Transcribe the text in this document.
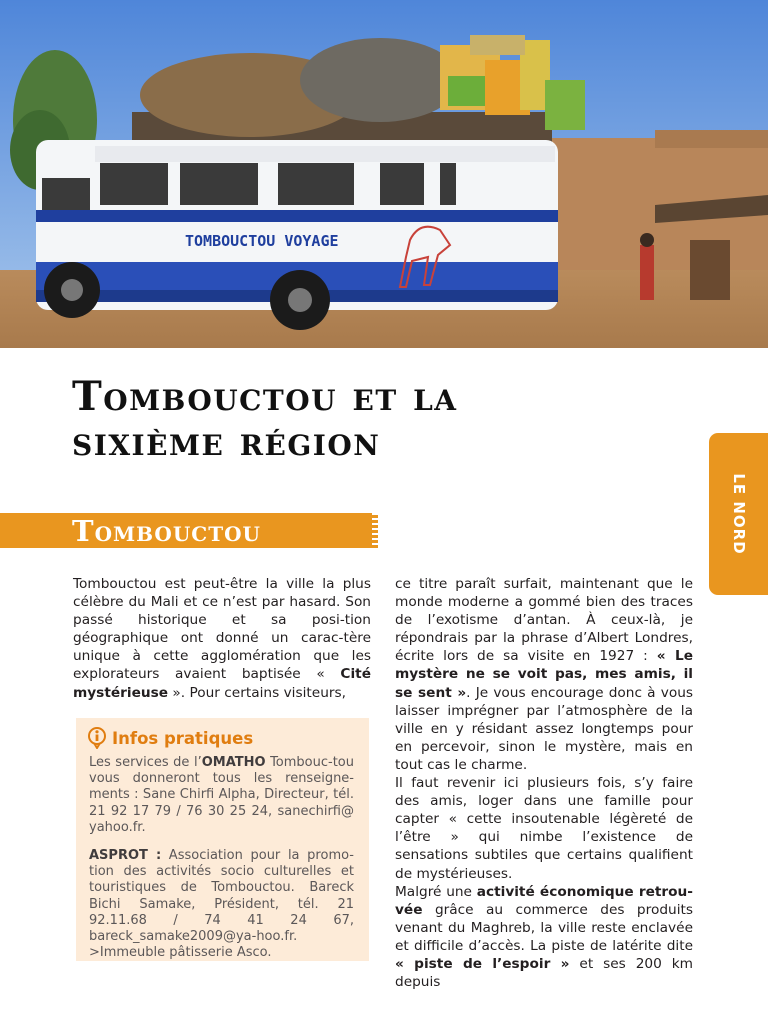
TOMBOUCTOU VOYAGE
Tombouctou et la
sixième région
LE NORD
Tombouctou

Tombouctou est peut-être la ville la plus célèbre du Mali et ce n’est par hasard. Son passé historique et sa posi-tion géographique ont donné un carac-tère unique à cette agglomération que les explorateurs avaient baptisée « Cité mystérieuse ». Pour certains visiteurs,

Infos pratiques

Les services de l’OMATHO Tombouc-tou vous donneront tous les renseigne-ments : Sane Chirfi Alpha, Directeur, tél. 21 92 17 79 / 76 30 25 24, sanechirfi@ yahoo.fr.

ASPROT : Association pour la promo-tion des activités socio culturelles et touristiques de Tombouctou. Bareck Bichi Samake, Président, tél. 21 92.11.68 / 74 41 24 67, bareck_samake2009@ya-hoo.fr. >Immeuble pâtisserie Asco.

ce titre paraît surfait, maintenant que le monde moderne a gommé bien des traces de l’exotisme d’antan. À ceux-là, je répondrais par la phrase d’Albert Londres, écrite lors de sa visite en 1927 : « Le mystère ne se voit pas, mes amis, il se sent ». Je vous encourage donc à vous laisser imprégner par l’atmosphère de la ville en y résidant assez longtemps pour en percevoir, sinon le mystère, mais en tout cas le charme.

Il faut revenir ici plusieurs fois, s’y faire des amis, loger dans une famille pour capter « cette insoutenable légèreté de l’être » qui nimbe l’existence de sensations subtiles que certains qualifient de mystérieuses.

Malgré une activité économique retrou-vée grâce au commerce des produits venant du Maghreb, la ville reste enclavée et difficile d’accès. La piste de latérite dite « piste de l’espoir » et ses 200 km depuis
